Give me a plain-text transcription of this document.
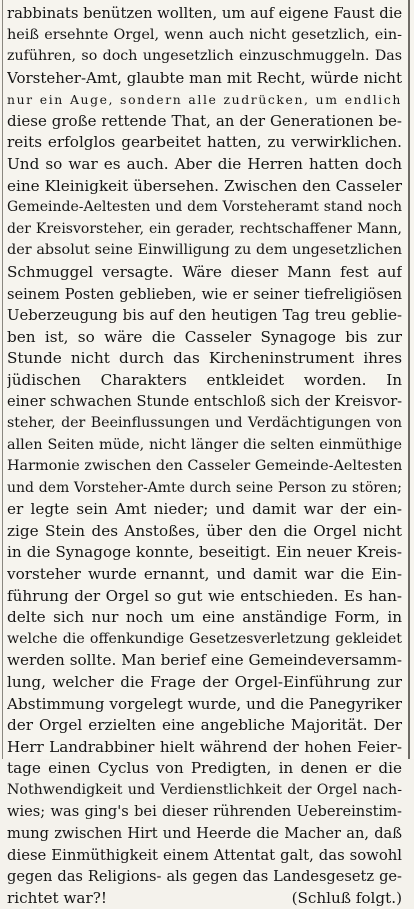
rabbinats benützen wollten, um auf eigene Faust die
heiß ersehnte Orgel, wenn auch nicht gesetzlich, ein-
zuführen, so doch ungesetzlich einzuschmuggeln. Das
Vorsteher-Amt, glaubte man mit Recht, würde nicht
nur ein Auge, sondern alle zudrücken, um endlich
diese große rettende That, an der Generationen be-
reits erfolglos gearbeitet hatten, zu verwirklichen.
Und so war es auch. Aber die Herren hatten doch
eine Kleinigkeit übersehen. Zwischen den Casseler
Gemeinde-Aeltesten und dem Vorsteheramt stand noch
der Kreisvorsteher, ein gerader, rechtschaffener Mann,
der absolut seine Einwilligung zu dem ungesetzlichen
Schmuggel versagte. Wäre dieser Mann fest auf
seinem Posten geblieben, wie er seiner tiefreligiösen
Ueberzeugung bis auf den heutigen Tag treu geblie-
ben ist, so wäre die Casseler Synagoge bis zur
Stunde nicht durch das Kircheninstrument ihres
jüdischen Charakters entkleidet worden. In
einer schwachen Stunde entschloß sich der Kreisvor-
steher, der Beeinflussungen und Verdächtigungen von
allen Seiten müde, nicht länger die selten einmüthige
Harmonie zwischen den Casseler Gemeinde-Aeltesten
und dem Vorsteher-Amte durch seine Person zu stören;
er legte sein Amt nieder; und damit war der ein-
zige Stein des Anstoßes, über den die Orgel nicht
in die Synagoge konnte, beseitigt. Ein neuer Kreis-
vorsteher wurde ernannt, und damit war die Ein-
führung der Orgel so gut wie entschieden. Es han-
delte sich nur noch um eine anständige Form, in
welche die offenkundige Gesetzesverletzung gekleidet
werden sollte. Man berief eine Gemeindeversamm-
lung, welcher die Frage der Orgel-Einführung zur
Abstimmung vorgelegt wurde, und die Panegyriker
der Orgel erzielten eine angebliche Majorität. Der
Herr Landrabbiner hielt während der hohen Feier-
tage einen Cyclus von Predigten, in denen er die
Nothwendigkeit und Verdienstlichkeit der Orgel nach-
wies; was ging's bei dieser rührenden Uebereinstim-
mung zwischen Hirt und Heerde die Macher an, daß
diese Einmüthigkeit einem Attentat galt, das sowohl
gegen das Religions- als gegen das Landesgesetz ge-
richtet war?!	(Schluß folgt.)
